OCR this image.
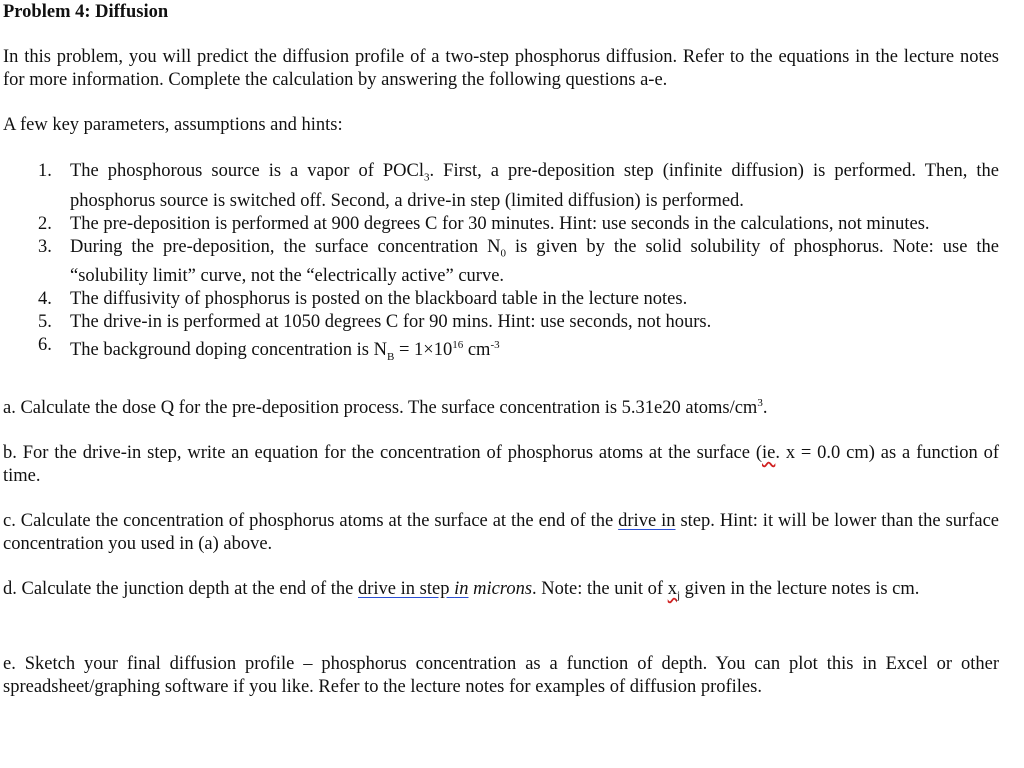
Problem 4: Diffusion

In this problem, you will predict the diffusion profile of a two-step phosphorus diffusion. Refer to the equations in the lecture notes for more information. Complete the calculation by answering the following questions a-e.

A few key parameters, assumptions and hints:

1. The phosphorous source is a vapor of POCl$_3$. First, a pre-deposition step (infinite diffusion) is performed. Then, the phosphorus source is switched off. Second, a drive-in step (limited diffusion) is performed.
2. The pre-deposition is performed at 900 degrees C for 30 minutes. Hint: use seconds in the calculations, not minutes.
3. During the pre-deposition, the surface concentration $N_0$ is given by the solid solubility of phosphorus. Note: use the “solubility limit” curve, not the “electrically active” curve.
4. The diffusivity of phosphorus is posted on the blackboard table in the lecture notes.
5. The drive-in is performed at 1050 degrees C for 90 mins. Hint: use seconds, not hours.
6. The background doping concentration is $N_B = 1\times 10^{16}$ $cm^{-3}$

a. Calculate the dose Q for the pre-deposition process. The surface concentration is 5.31e20 atoms/$cm^3$.

b. For the drive-in step, write an equation for the concentration of phosphorus atoms at the surface (ie. x = 0.0 cm) as a function of time.

c. Calculate the concentration of phosphorus atoms at the surface at the end of the drive in step. Hint: it will be lower than the surface concentration you used in (a) above.

d. Calculate the junction depth at the end of the drive in step in microns. Note: the unit of $x_j$ given in the lecture notes is cm.

e. Sketch your final diffusion profile – phosphorus concentration as a function of depth. You can plot this in Excel or other spreadsheet/graphing software if you like. Refer to the lecture notes for examples of diffusion profiles.
